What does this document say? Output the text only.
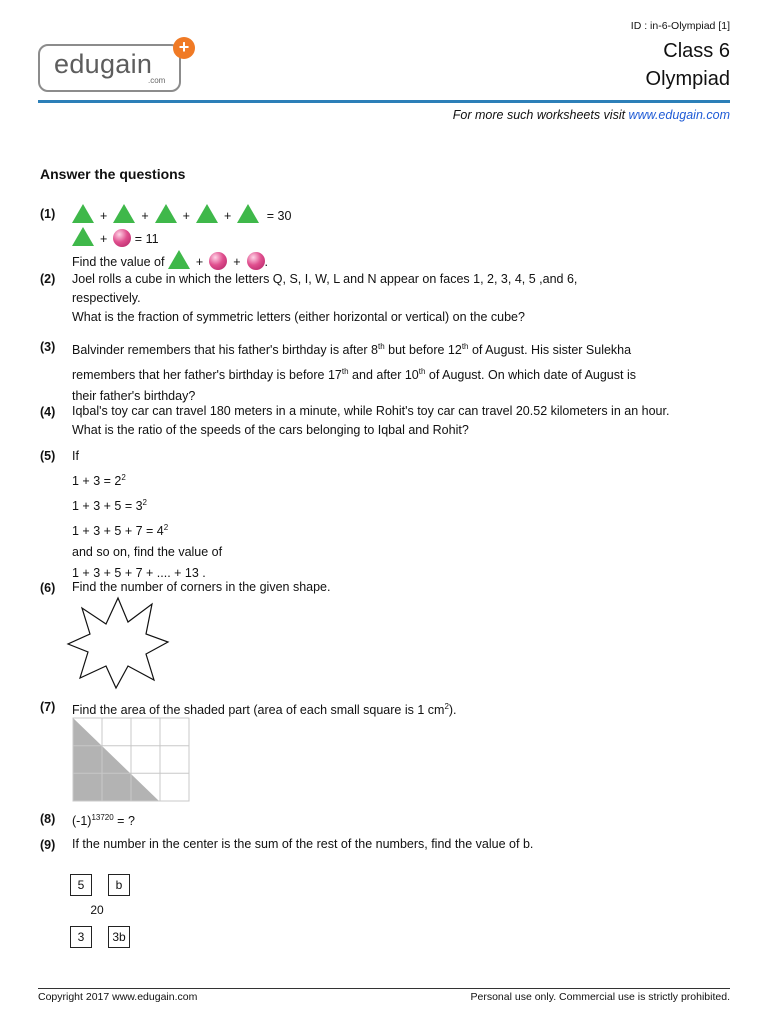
edugain
.com
+
ID : in-6-Olympiad [1]
Class 6
Olympiad
For more such worksheets visit www.edugain.com
Answer the questions
(1)	+	+	+	+	= 30
+ = 11
Find the value of	+ + .
(2) Joel rolls a cube in which the letters Q, S, I, W, L and N appear on faces 1, 2, 3, 4, 5 ,and 6, respectively.
What is the fraction of symmetric letters (either horizontal or vertical) on the cube?
(3) Balvinder remembers that his father's birthday is after 8th but before 12th of August. His sister Sulekha
remembers that her father's birthday is before 17th and after 10th of August. On which date of August is
their father's birthday?
(4) Iqbal's toy car can travel 180 meters in a minute, while Rohit's toy car can travel 20.52 kilometers in an hour. What is the ratio of the speeds of the cars belonging to Iqbal and Rohit?
(5) If
$1 + 3 = 2^2$
$1 + 3 + 5 = 3^2$
$1 + 3 + 5 + 7 = 4^2$
and so on, find the value of
1 + 3 + 5 + 7 + .... + 13 .
(6) Find the number of corners in the given shape.
(7) Find the area of the shaded part (area of each small square is 1 $cm^2$).
(8) $(-1)^{13720}$ = ?
(9) If the number in the center is the sum of the rest of the numbers, find the value of b.
5	b
20
3	3b
Copyright 2017 www.edugain.com	Personal use only. Commercial use is strictly prohibited.
